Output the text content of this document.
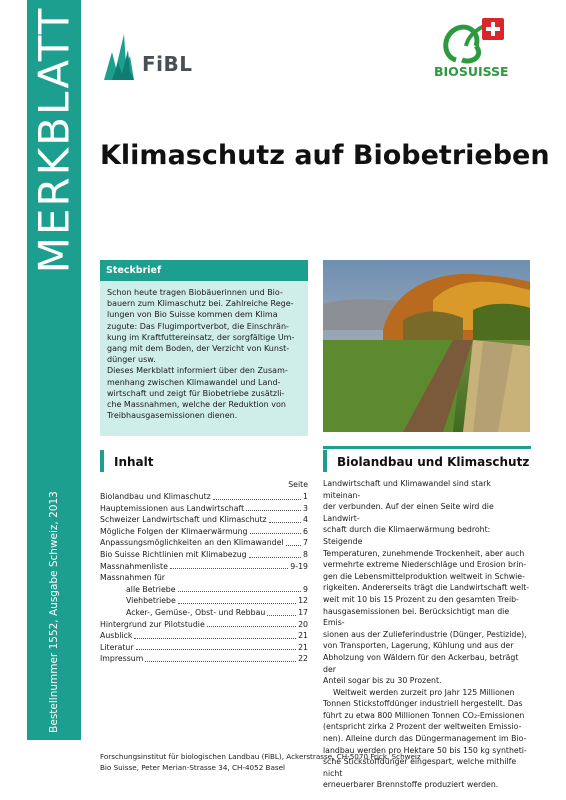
MERKBLATT
Bestellnummer 1552, Ausgabe Schweiz, 2013
FiBL	BIOSUISSE
Klimaschutz auf Biobetrieben
Steckbrief
Schon heute tragen Biobäuerinnen und Bio-
bauern zum Klimaschutz bei. Zahlreiche Rege-
lungen von Bio Suisse kommen dem Klima
zugute: Das Flugimportverbot, die Einschrän-
kung im Kraftfuttereinsatz, der sorgfältige Um-
gang mit dem Boden, der Verzicht von Kunst-
dünger usw.
Dieses Merkblatt informiert über den Zusam-
menhang zwischen Klimawandel und Land-
wirtschaft und zeigt für Biobetriebe zusätzli-
che Massnahmen, welche der Reduktion von
Treibhausgasemissionen dienen.
Inhalt
Seite
Biolandbau und Klimaschutz	1
Hauptemissionen aus Landwirtschaft	3
Schweizer Landwirtschaft und Klimaschutz	4
Mögliche Folgen der Klimaerwärmung	6
Anpassungsmöglichkeiten an den Klimawandel 7
Bio Suisse Richtlinien mit Klimabezug	8
Massnahmenliste	9-19
Massnahmen für
alle Betriebe	9
Viehbetriebe	12
Acker-, Gemüse-, Obst- und Rebbau	17
Hintergrund zur Pilotstudie	20
Ausblick	21
Literatur	21
Impressum	22
Biolandbau und Klimaschutz
Landwirtschaft und Klimawandel sind stark miteinan-
der verbunden. Auf der einen Seite wird die Landwirt-
schaft durch die Klimaerwärmung bedroht: Steigende
Temperaturen, zunehmende Trockenheit, aber auch
vermehrte extreme Niederschläge und Erosion brin-
gen die Lebensmittelproduktion weltweit in Schwie-
rigkeiten. Andererseits trägt die Landwirtschaft welt-
weit mit 10 bis 15 Prozent zu den gesamten Treib-
hausgasemissionen bei. Berücksichtigt man die Emis-
sionen aus der Zulieferindustrie (Dünger, Pestizide),
von Transporten, Lagerung, Kühlung und aus der
Abholzung von Wäldern für den Ackerbau, beträgt der
Anteil sogar bis zu 30 Prozent.
Weltweit werden zurzeit pro Jahr 125 Millionen
Tonnen Stickstoffdünger industriell hergestellt. Das
führt zu etwa 800 Millionen Tonnen CO₂-Emissionen
(entspricht zirka 2 Prozent der weltweiten Emissio-
nen). Alleine durch das Düngermanagement im Bio-
landbau werden pro Hektare 50 bis 150 kg syntheti-
sche Stickstoffdünger eingespart, welche mithilfe nicht
erneuerbarer Brennstoffe produziert werden.
Forschungsinstitut für biologischen Landbau (FiBL), Ackerstrasse, CH-5070 Frick, Schweiz
Bio Suisse, Peter Merian-Strasse 34, CH-4052 Basel
